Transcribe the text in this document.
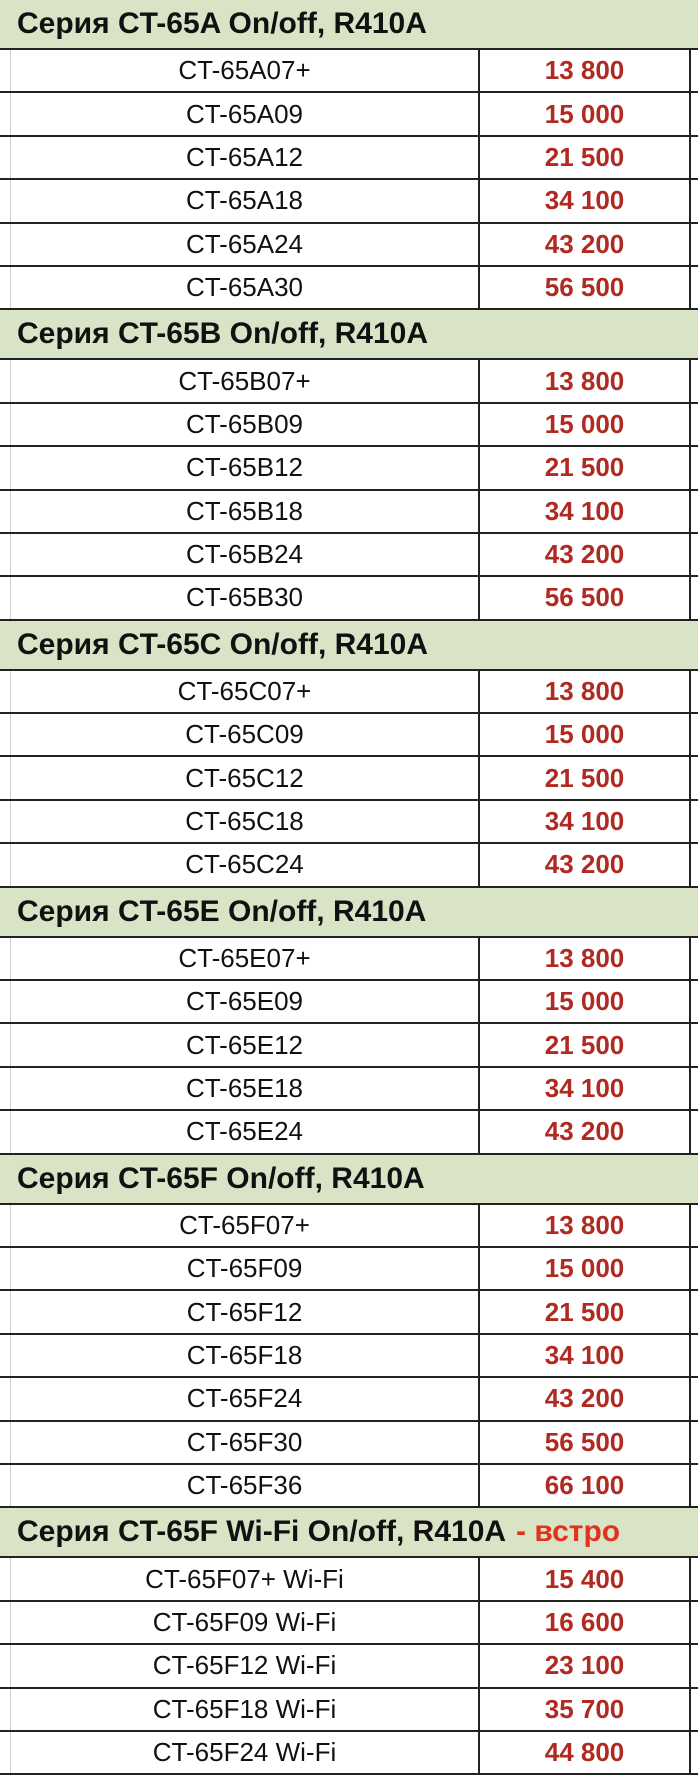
Серия CT-65A On/off, R410A
CT-65A07+	13 800
CT-65A09	15 000
CT-65A12	21 500
CT-65A18	34 100
CT-65A24	43 200
CT-65A30	56 500
Серия CT-65B On/off, R410A
CT-65B07+	13 800
CT-65B09	15 000
CT-65B12	21 500
CT-65B18	34 100
CT-65B24	43 200
CT-65B30	56 500
Серия CT-65C On/off, R410A
CT-65C07+	13 800
CT-65C09	15 000
CT-65C12	21 500
CT-65C18	34 100
CT-65C24	43 200
Серия CT-65E On/off, R410A
CT-65E07+	13 800
CT-65E09	15 000
CT-65E12	21 500
CT-65E18	34 100
CT-65E24	43 200
Серия CT-65F On/off, R410A
CT-65F07+	13 800
CT-65F09	15 000
CT-65F12	21 500
CT-65F18	34 100
CT-65F24	43 200
CT-65F30	56 500
CT-65F36	66 100
Серия CT-65F Wi-Fi On/off, R410A - встро
CT-65F07+ Wi-Fi	15 400
CT-65F09 Wi-Fi	16 600
CT-65F12 Wi-Fi	23 100
CT-65F18 Wi-Fi	35 700
CT-65F24 Wi-Fi	44 800
